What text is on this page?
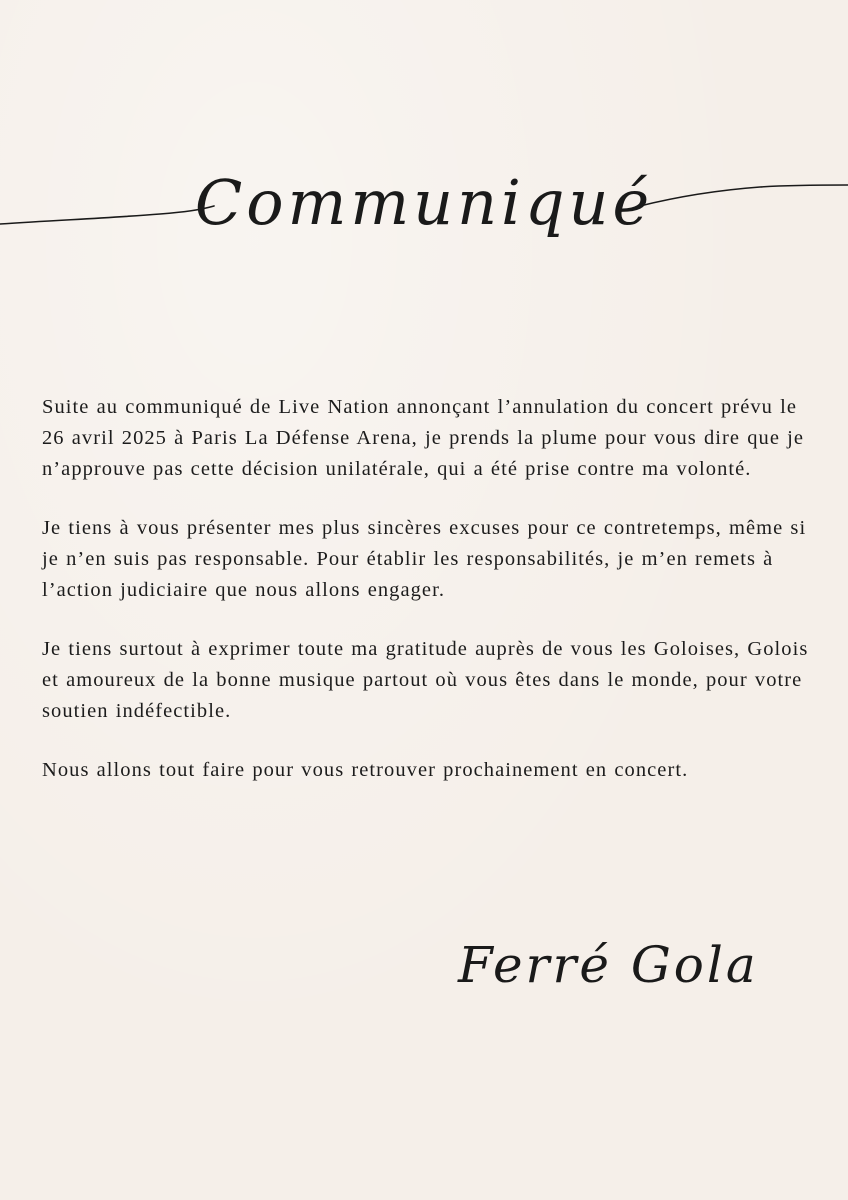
Communiqué

Suite au communiqué de Live Nation annonçant l’annulation du concert prévu le 26 avril 2025 à Paris La Défense Arena, je prends la plume pour vous dire que je n’approuve pas cette décision unilatérale, qui a été prise contre ma volonté.

Je tiens à vous présenter mes plus sincères excuses pour ce contretemps, même si je n’en suis pas responsable. Pour établir les responsabilités, je m’en remets à l’action judiciaire que nous allons engager.

Je tiens surtout à exprimer toute ma gratitude auprès de vous les Goloises, Golois et amoureux de la bonne musique partout où vous êtes dans le monde, pour votre soutien indéfectible.

Nous allons tout faire pour vous retrouver prochainement en concert.

Ferré Gola
